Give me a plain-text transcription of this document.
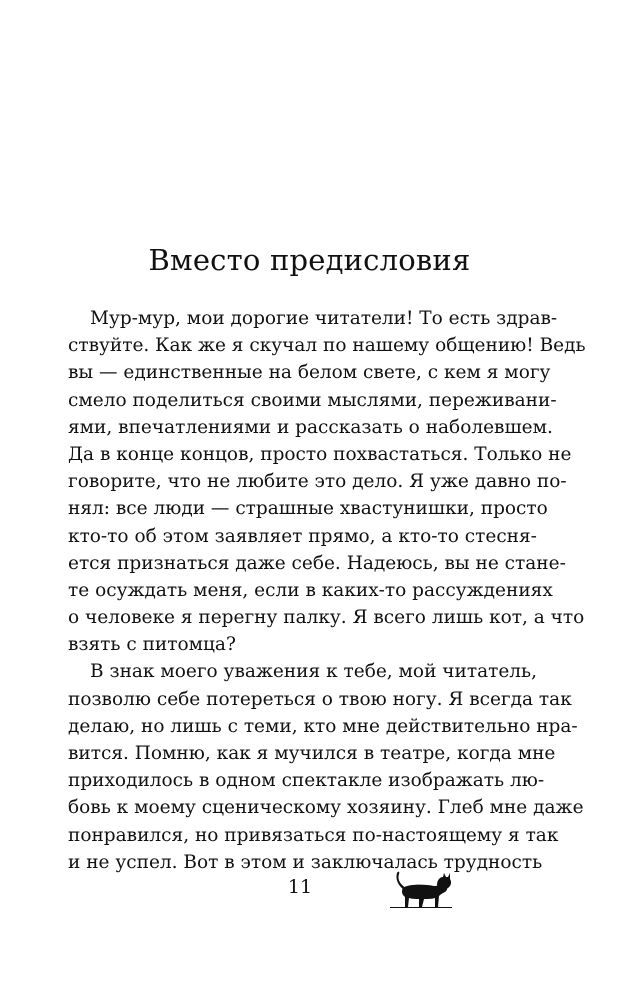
Вместо предисловия
Мур-мур, мои дорогие читатели! То есть здрав-
ствуйте. Как же я скучал по нашему общению! Ведь
вы — единственные на белом свете, с кем я могу
смело поделиться своими мыслями, переживани-
ями, впечатлениями и рассказать о наболевшем.
Да в конце концов, просто похвастаться. Только не
говорите, что не любите это дело. Я уже давно по-
нял: все люди — страшные хвастунишки, просто
кто-то об этом заявляет прямо, а кто-то стесня-
ется признаться даже себе. Надеюсь, вы не стане-
те осуждать меня, если в каких-то рассуждениях
о человеке я перегну палку. Я всего лишь кот, а что
взять с питомца?
В знак моего уважения к тебе, мой читатель,
позволю себе потереться о твою ногу. Я всегда так
делаю, но лишь с теми, кто мне действительно нра-
вится. Помню, как я мучился в театре, когда мне
приходилось в одном спектакле изображать лю-
бовь к моему сценическому хозяину. Глеб мне даже
понравился, но привязаться по-настоящему я так
и не успел. Вот в этом и заключалась трудность
11
